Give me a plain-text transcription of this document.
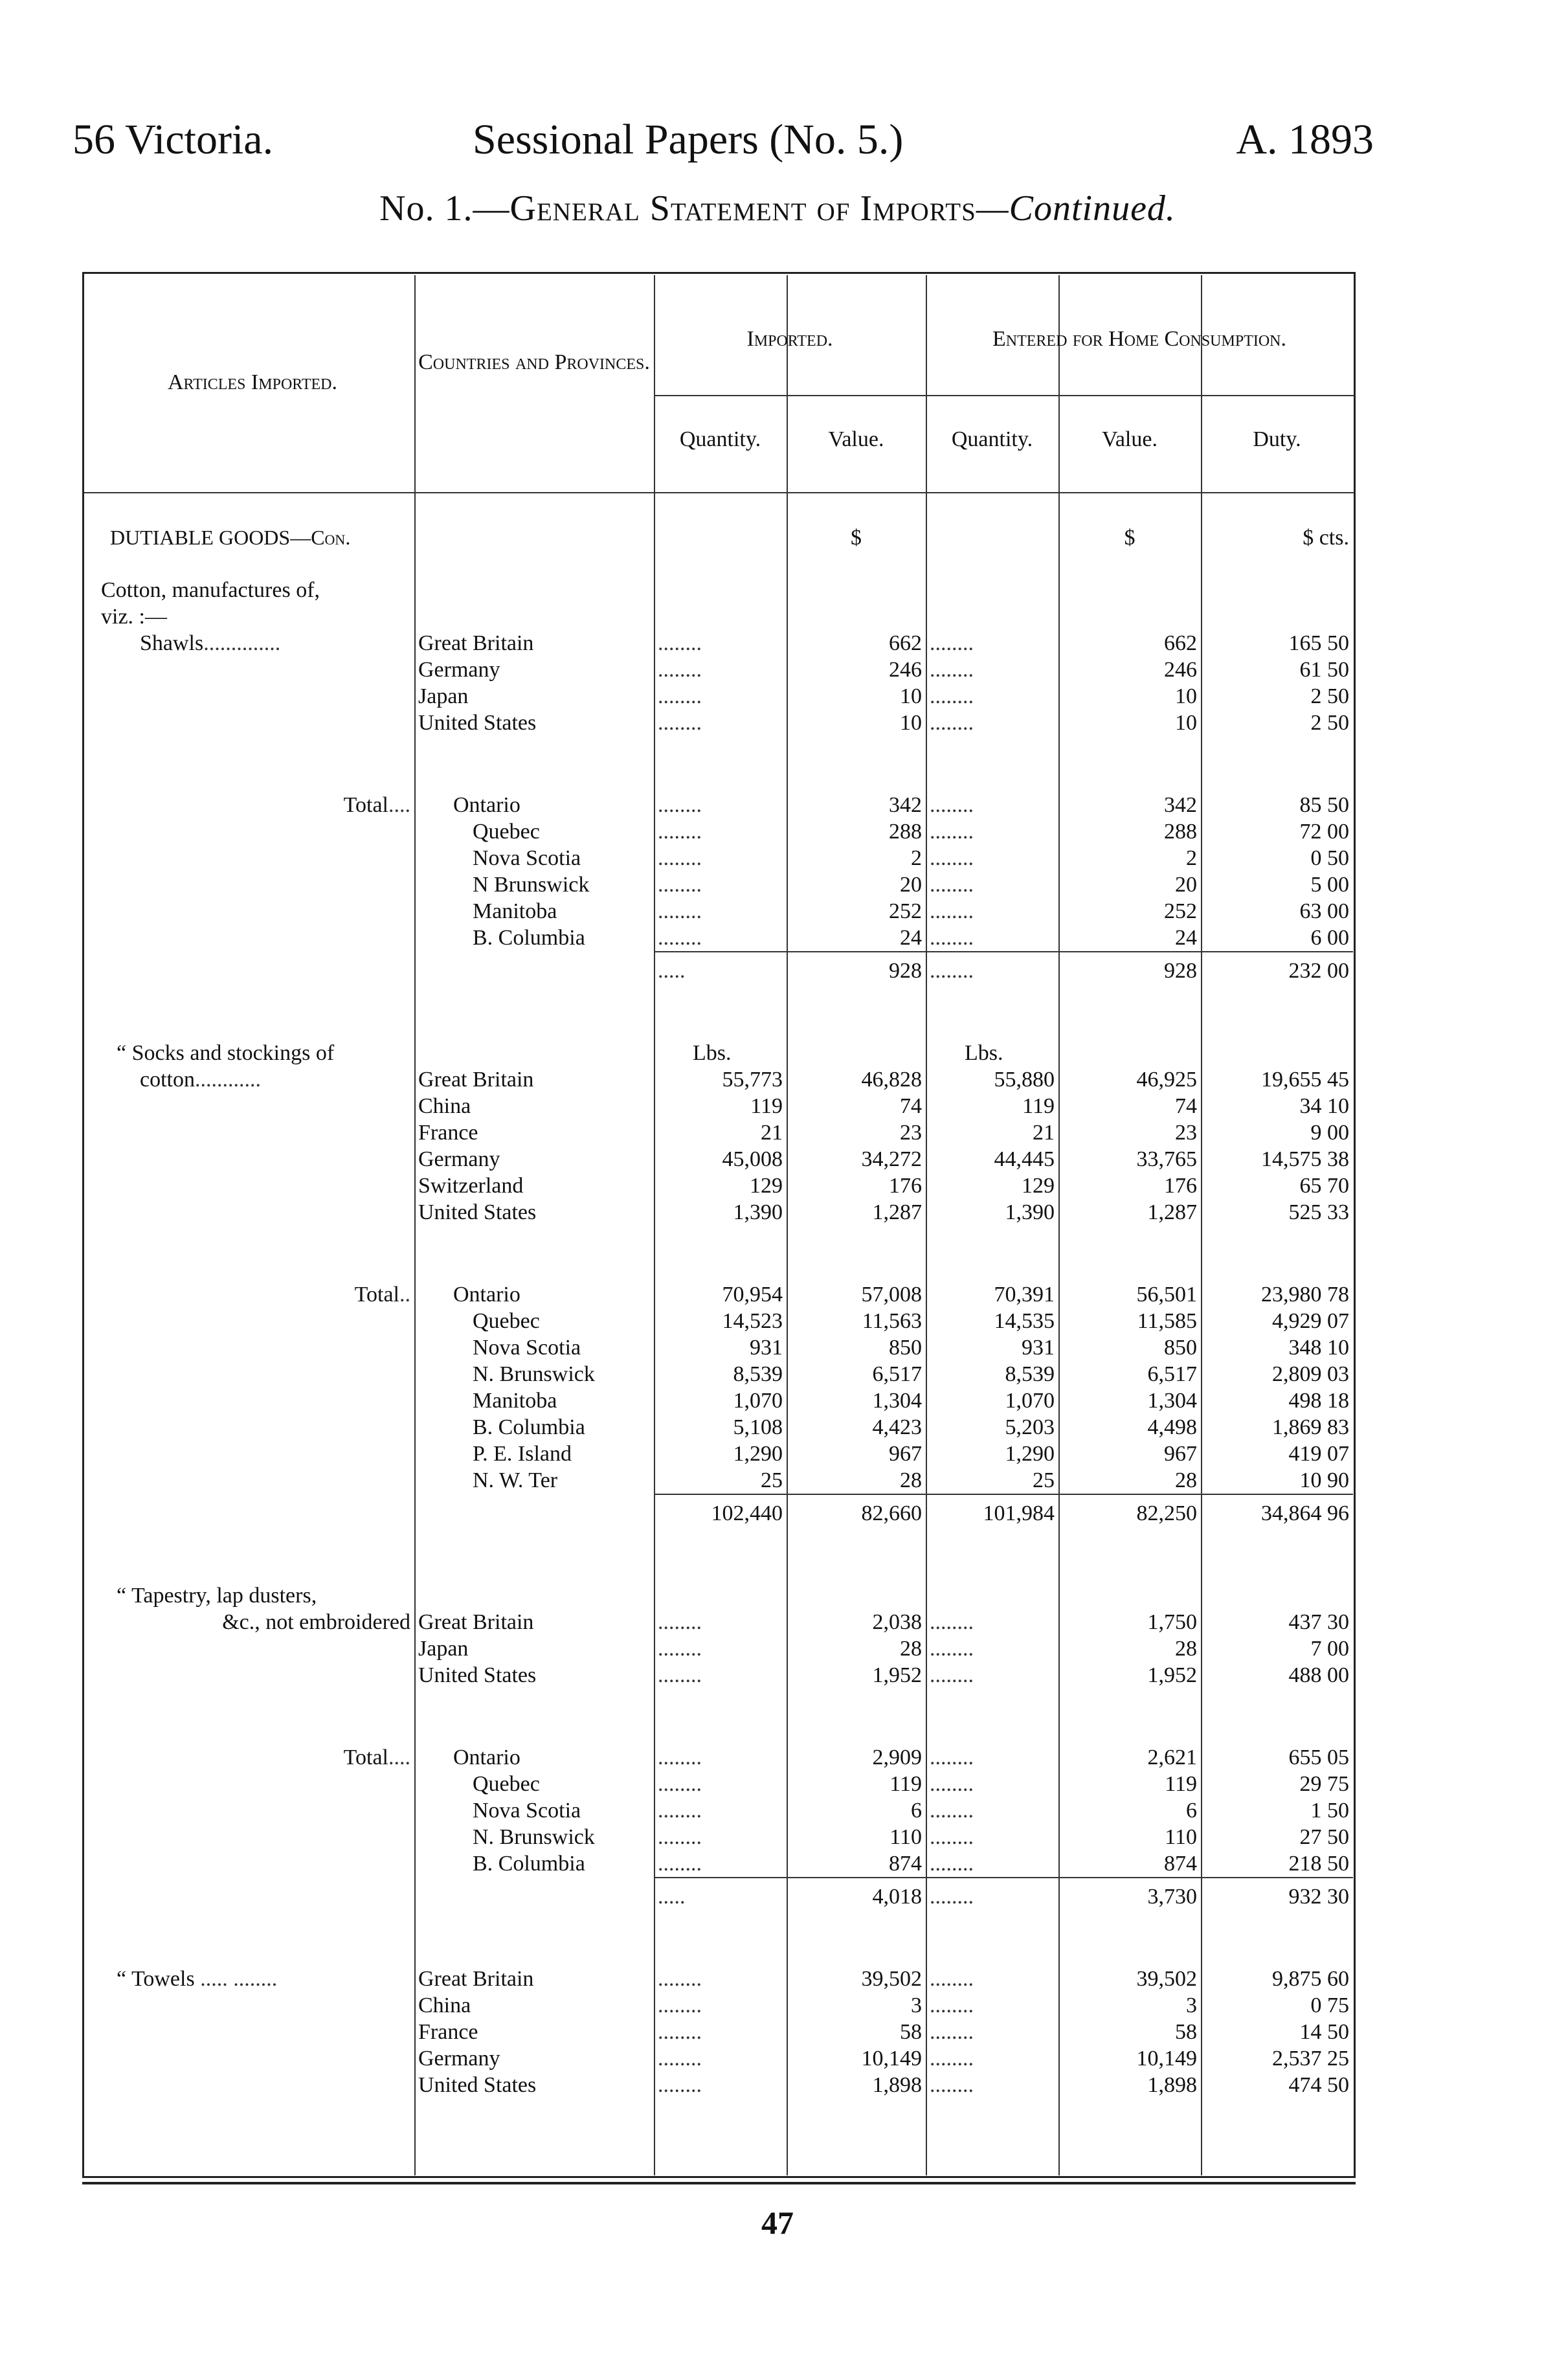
56 Victoria.	Sessional Papers (No. 5.)	A. 1893
No. 1.—General Statement of Imports—Continued.
Articles Imported.
Countries and Provinces.
Imported.	Entered for Home Consumption.
Quantity.	Value.	Quantity.	Value.	Duty.
DUTIABLE GOODS—Con.			$		$	$ cts.

Cotton, manufactures of,						
viz. :—						
Shawls..............	Great Britain	........	662	........	662	165 50
	Germany	........	246	........	246	61 50
	Japan	........	10	........	10	2 50
	United States	........	10	........	10	2 50

Total....	Ontario	........	342	........	342	85 50
	Quebec	........	288	........	288	72 00
	Nova Scotia	........	2	........	2	0 50
	N Brunswick	........	20	........	20	5 00
	Manitoba	........	252	........	252	63 00
	B. Columbia	........	24	........	24	6 00
		.....	928	........	928	232 00

“ Socks and stockings of		Lbs.		Lbs.		
cotton............	Great Britain	55,773	46,828	55,880	46,925	19,655 45
	China	119	74	119	74	34 10
	France	21	23	21	23	9 00
	Germany	45,008	34,272	44,445	33,765	14,575 38
	Switzerland	129	176	129	176	65 70
	United States	1,390	1,287	1,390	1,287	525 33

Total..	Ontario	70,954	57,008	70,391	56,501	23,980 78
	Quebec	14,523	11,563	14,535	11,585	4,929 07
	Nova Scotia	931	850	931	850	348 10
	N. Brunswick	8,539	6,517	8,539	6,517	2,809 03
	Manitoba	1,070	1,304	1,070	1,304	498 18
	B. Columbia	5,108	4,423	5,203	4,498	1,869 83
	P. E. Island	1,290	967	1,290	967	419 07
	N. W. Ter	25	28	25	28	10 90
		102,440	82,660	101,984	82,250	34,864 96

“ Tapestry, lap dusters,						
&c., not embroidered	Great Britain	........	2,038	........	1,750	437 30
	Japan	........	28	........	28	7 00
	United States	........	1,952	........	1,952	488 00

Total....	Ontario	........	2,909	........	2,621	655 05
	Quebec	........	119	........	119	29 75
	Nova Scotia	........	6	........	6	1 50
	N. Brunswick	........	110	........	110	27 50
	B. Columbia	........	874	........	874	218 50
		.....	4,018	........	3,730	932 30

“ Towels ..... ........	Great Britain	........	39,502	........	39,502	9,875 60
	China	........	3	........	3	0 75
	France	........	58	........	58	14 50
	Germany	........	10,149	........	10,149	2,537 25
	United States	........	1,898	........	1,898	474 50
47
